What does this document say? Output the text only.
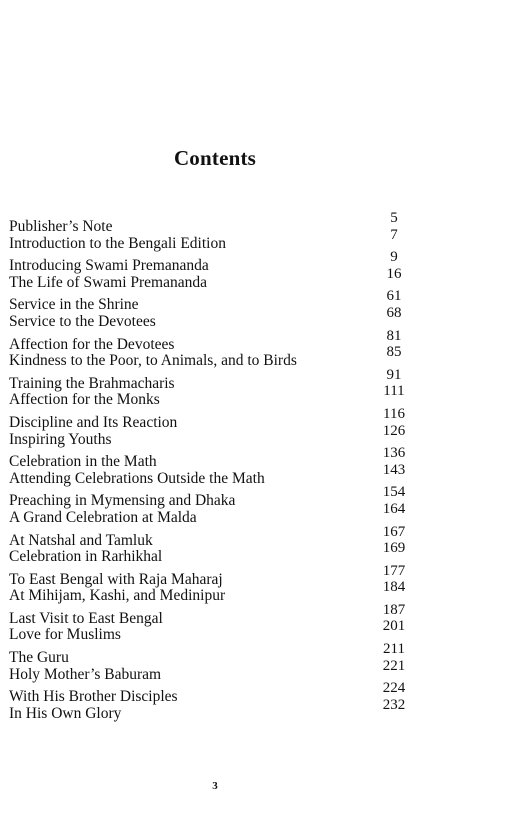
Contents
Publisher’s Note	5
Introduction to the Bengali Edition	7
Introducing Swami Premananda	9
The Life of Swami Premananda	16
Service in the Shrine	61
Service to the Devotees	68
Affection for the Devotees	81
Kindness to the Poor, to Animals, and to Birds	85
Training the Brahmacharis	91
Affection for the Monks	111
Discipline and Its Reaction	116
Inspiring Youths	126
Celebration in the Math	136
Attending Celebrations Outside the Math	143
Preaching in Mymensing and Dhaka	154
A Grand Celebration at Malda	164
At Natshal and Tamluk	167
Celebration in Rarhikhal	169
To East Bengal with Raja Maharaj	177
At Mihijam, Kashi, and Medinipur	184
Last Visit to East Bengal	187
Love for Muslims	201
The Guru	211
Holy Mother’s Baburam	221
With His Brother Disciples	224
In His Own Glory	232
3
